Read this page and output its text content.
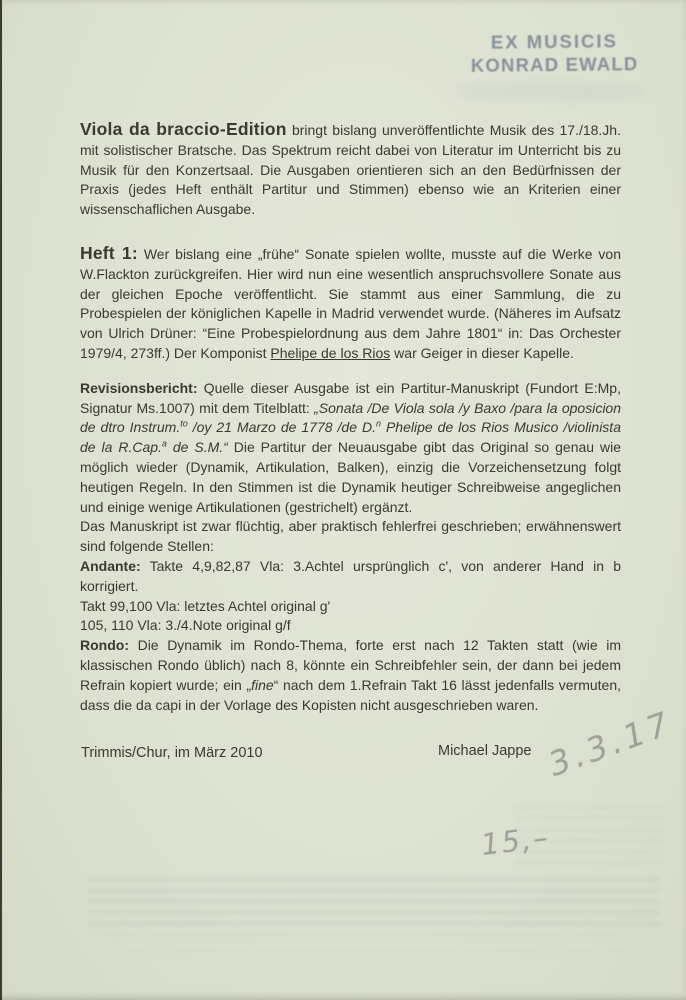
EX MUSICIS
KONRAD EWALD
Viola da braccio-Edition bringt bislang unveröffentlichte Musik des 17./18.Jh. mit solistischer Bratsche. Das Spektrum reicht dabei von Literatur im Unterricht bis zu Musik für den Konzertsaal. Die Ausgaben orientieren sich an den Bedürfnissen der Praxis (jedes Heft enthält Partitur und Stimmen) ebenso wie an Kriterien einer wissenschaflichen Ausgabe.
Heft 1: Wer bislang eine „frühe“ Sonate spielen wollte, musste auf die Werke von W.Flackton zurückgreifen. Hier wird nun eine wesentlich anspruchsvollere Sonate aus der gleichen Epoche veröffentlicht. Sie stammt aus einer Sammlung, die zu Probespielen der königlichen Kapelle in Madrid verwendet wurde. (Näheres im Aufsatz von Ulrich Drüner: “Eine Probespielordnung aus dem Jahre 1801“ in: Das Orchester 1979/4, 273ff.) Der Komponist Phelipe de los Rios war Geiger in dieser Kapelle.
Revisionsbericht: Quelle dieser Ausgabe ist ein Partitur-Manuskript (Fundort E:Mp, Signatur Ms.1007) mit dem Titelblatt: „Sonata /De Viola sola /y Baxo /para la oposicion de dtro Instrum.$^{to}$ /oy 21 Marzo de 1778 /de D.$^n$ Phelipe de los Rios Musico /violinista de la R.Cap.$^a$ de S.M.“ Die Partitur der Neuausgabe gibt das Original so genau wie möglich wieder (Dynamik, Artikulation, Balken), einzig die Vorzeichensetzung folgt heutigen Regeln. In den Stimmen ist die Dynamik heutiger Schreibweise angeglichen und einige wenige Artikulationen (gestrichelt) ergänzt.
Das Manuskript ist zwar flüchtig, aber praktisch fehlerfrei geschrieben; erwähnenswert sind folgende Stellen:
Andante: Takte 4,9,82,87 Vla: 3.Achtel ursprünglich c', von anderer Hand in b korrigiert.
Takt 99,100 Vla: letztes Achtel original g'
105, 110 Vla: 3./4.Note original g/f
Rondo: Die Dynamik im Rondo-Thema, forte erst nach 12 Takten statt (wie im klassischen Rondo üblich) nach 8, könnte ein Schreibfehler sein, der dann bei jedem Refrain kopiert wurde; ein „fine“ nach dem 1.Refrain Takt 16 lässt jedenfalls vermuten, dass die da capi in der Vorlage des Kopisten nicht ausgeschrieben waren.
Trimmis/Chur, im März 2010	Michael Jappe 3.3.17
15,–
